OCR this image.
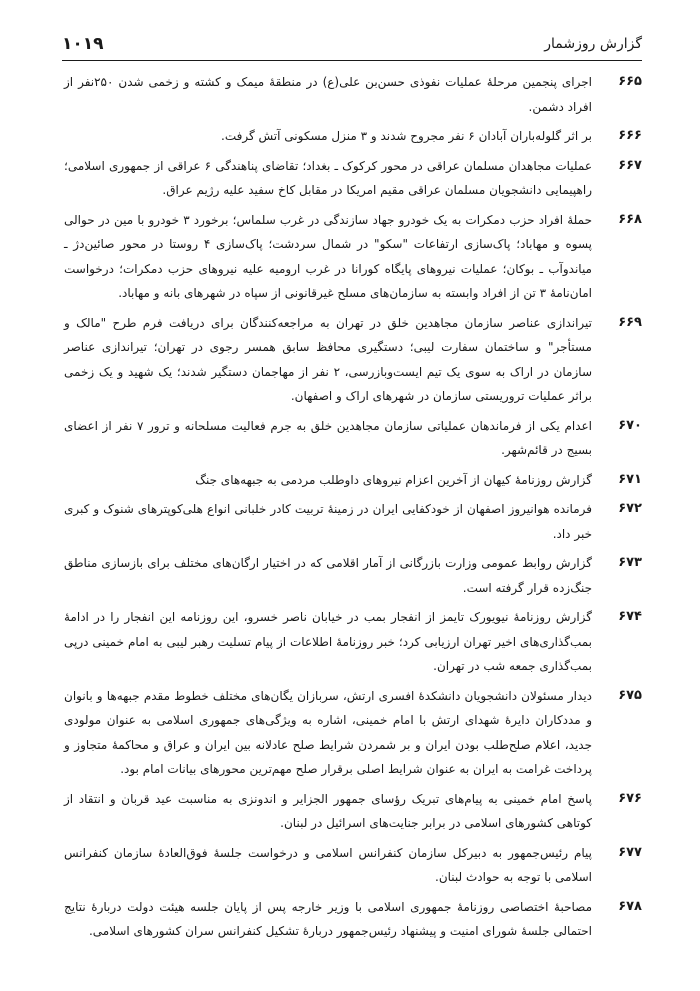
گزارش روزشمار
۱۰۱۹
۶۶۵
اجرای پنجمین مرحلهٔ عملیات نفوذی حسن‌بن علی(ع) در منطقهٔ میمک و کشته و زخمی شدن ۲۵۰نفر از افراد دشمن.
۶۶۶
بر اثر گلوله‌باران آبادان ۶ نفر مجروح شدند و ۳ منزل مسکونی آتش گرفت.
۶۶۷
عملیات مجاهدان مسلمان عراقی در محور کرکوک ـ بغداد؛ تقاضای پناهندگی ۶ عراقی از جمهوری اسلامی؛ راهپیمایی دانشجویان مسلمان عراقی مقیم امریکا در مقابل کاخ سفید علیه رژیم عراق.
۶۶۸
حملهٔ افراد حزب دمکرات به یک خودرو جهاد سازندگی در غرب سلماس؛ برخورد ۳ خودرو با مین در حوالی پسوه و مهاباد؛ پاک‌سازی ارتفاعات "سکو" در شمال سردشت؛ پاک‌سازی ۴ روستا در محور صائین‌دژ ـ میاندوآب ـ بوکان؛ عملیات نیروهای پایگاه کورانا در غرب ارومیه علیه نیروهای حزب دمکرات؛ درخواست امان‌نامهٔ ۳ تن از افراد وابسته به سازمان‌های مسلح غیرقانونی از سپاه در شهرهای بانه و مهاباد.
۶۶۹
تیراندازی عناصر سازمان مجاهدین خلق در تهران به مراجعه‌کنندگان برای دریافت فرم طرح "مالک و مستأجر" و ساختمان سفارت لیبی؛ دستگیری محافظ سابق همسر رجوی در تهران؛ تیراندازی عناصر سازمان در اراک به سوی یک تیم ایست‌وبازرسی، ۲ نفر از مهاجمان دستگیر شدند؛ یک شهید و یک زخمی براثر عملیات تروریستی سازمان در شهرهای اراک و اصفهان.
۶۷۰
اعدام یکی از فرماندهان عملیاتی سازمان مجاهدین خلق به جرم فعالیت مسلحانه و ترور ۷ نفر از اعضای بسیج در قائم‌شهر.
۶۷۱
گزارش روزنامهٔ کیهان از آخرین اعزام نیروهای داوطلب مردمی به جبهه‌های جنگ
۶۷۲
فرمانده هوانیروز اصفهان از خودکفایی ایران در زمینهٔ تربیت کادر خلبانی انواع هلی‌کوپترهای شنوک و کبری خبر داد.
۶۷۳
گزارش روابط عمومی وزارت بازرگانی از آمار اقلامی که در اختیار ارگان‌های مختلف برای بازسازی مناطق جنگ‌زده قرار گرفته است.
۶۷۴
گزارش روزنامهٔ نیویورک تایمز از انفجار بمب در خیابان ناصر خسرو، این روزنامه این انفجار را در ادامهٔ بمب‌گذاری‌های اخیر تهران ارزیابی کرد؛ خبر روزنامهٔ اطلاعات از پیام تسلیت رهبر لیبی به امام خمینی درپی بمب‌گذاری جمعه شب در تهران.
۶۷۵
دیدار مسئولان دانشجویان دانشکدهٔ افسری ارتش، سربازان یگان‌های مختلف خطوط مقدم جبهه‌ها و بانوان و مددکاران دایرهٔ شهدای ارتش با امام خمینی، اشاره به ویژگی‌های جمهوری اسلامی به عنوان مولودی جدید، اعلام صلح‌طلب بودن ایران و بر شمردن شرایط صلح عادلانه بین ایران و عراق و محاکمهٔ متجاوز و پرداخت غرامت به ایران به عنوان شرایط اصلی برقرار صلح مهم‌ترین محورهای بیانات امام بود.
۶۷۶
پاسخ امام خمینی به پیام‌های تبریک رؤسای جمهور الجزایر و اندونزی به مناسبت عید قربان و انتقاد از کوتاهی کشورهای اسلامی در برابر جنایت‌های اسرائیل در لبنان.
۶۷۷
پیام رئیس‌جمهور به دبیرکل سازمان کنفرانس اسلامی و درخواست جلسهٔ فوق‌العادهٔ سازمان کنفرانس اسلامی با توجه به حوادث لبنان.
۶۷۸
مصاحبهٔ اختصاصی روزنامهٔ جمهوری اسلامی با وزیر خارجه پس از پایان جلسه هیئت دولت دربارهٔ نتایج احتمالی جلسهٔ شورای امنیت و پیشنهاد رئیس‌جمهور دربارهٔ تشکیل کنفرانس سران کشورهای اسلامی.
